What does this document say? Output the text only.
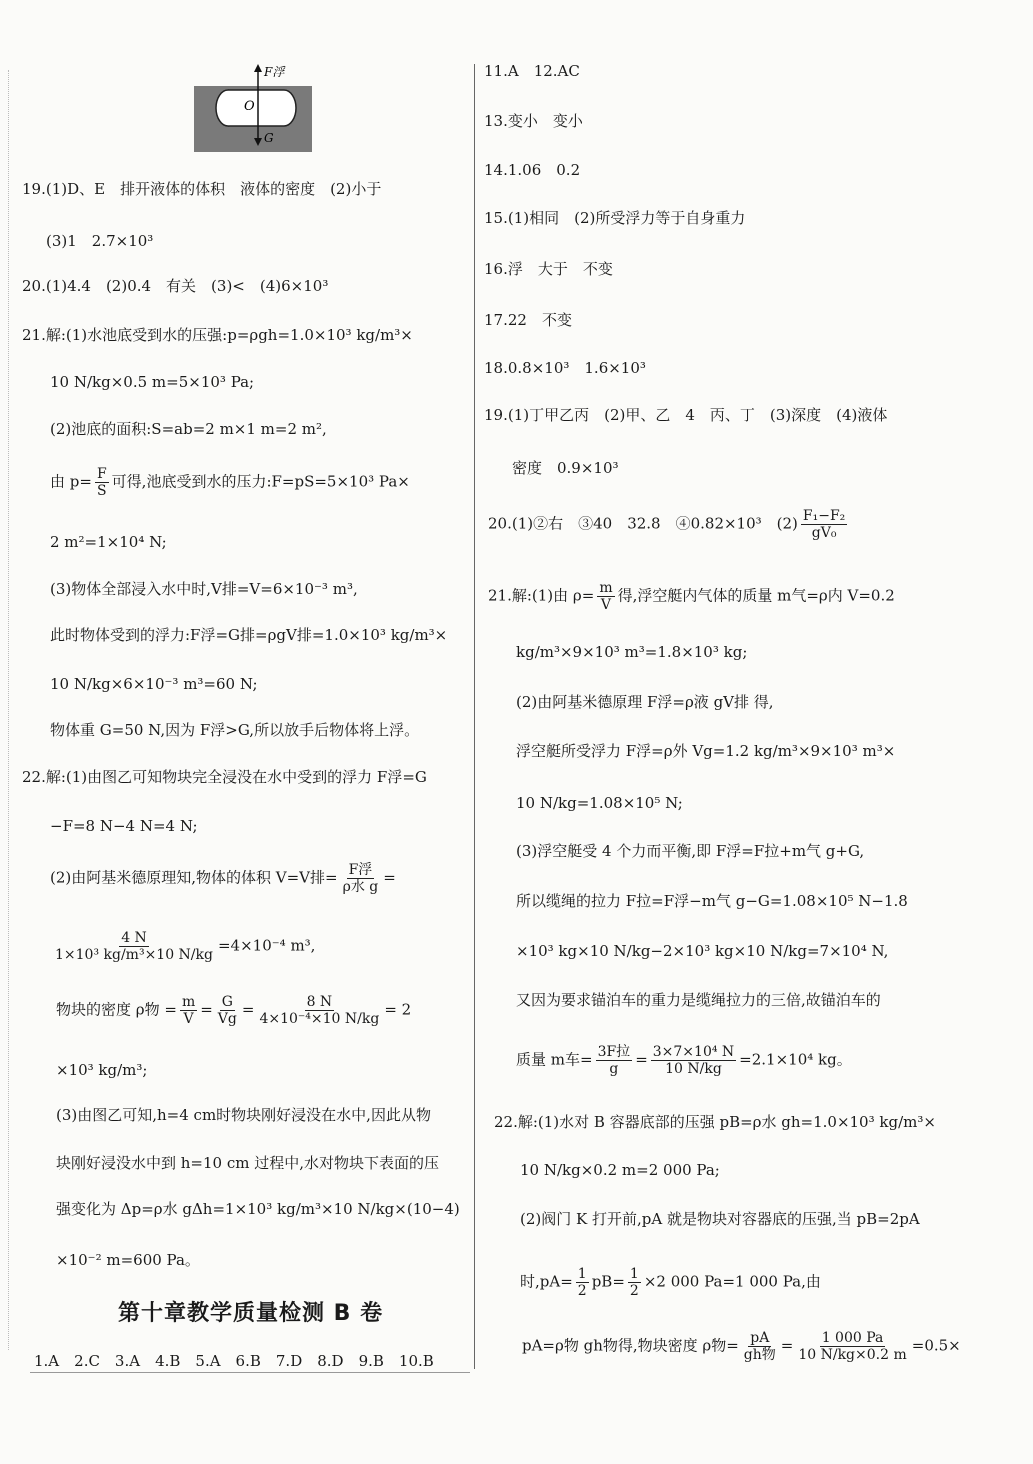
O
F浮
G
19.(1)D、E　排开液体的体积　液体的密度　(2)小于
(3)1　2.7×10³
20.(1)4.4　(2)0.4　有关　(3)<　(4)6×10³
21.解:(1)水池底受到水的压强:p=ρgh=1.0×10³ kg/m³×
10 N/kg×0.5 m=5×10³ Pa;
(2)池底的面积:S=ab=2 m×1 m=2 m²,
由 $p= \frac{F}{S}$ 可得,池底受到水的压力:F=pS=5×10³ Pa×
2 m²=1×10⁴ N;
(3)物体全部浸入水中时,V排=V=6×10⁻³ m³,
此时物体受到的浮力:F浮=G排=ρgV排=1.0×10³ kg/m³×
10 N/kg×6×10⁻³ m³=60 N;
物体重 G=50 N,因为 F浮>G,所以放手后物体将上浮。
22.解:(1)由图乙可知物块完全浸没在水中受到的浮力 F浮=G
−F=8 N−4 N=4 N;
(2)由阿基米德原理知,物体的体积 V=V排= $\frac{\text{F浮}}{\text{ρ水 g}}$ =
$\frac{4 N}{\text{1×10³ kg/m³×10 N/kg}} =4\times 10^{-4}$ m³,
物块的密度 ρ物 = $\frac{m}{V} = \frac{G}{Vg} = \frac{8 N}{\text{4×10⁻⁴×10 N/kg}} = 2$
×10³ kg/m³;
(3)由图乙可知,h=4 cm时物块刚好浸没在水中,因此从物
块刚好浸没水中到 h=10 cm 过程中,水对物块下表面的压
强变化为 Δp=ρ水 gΔh=1×10³ kg/m³×10 N/kg×(10−4)
×10⁻² m=600 Pa。
第十章教学质量检测 B 卷
1.A　2.C　3.A　4.B　5.A　6.B　7.D　8.D　9.B　10.B
11.A　12.AC
13.变小　变小
14.1.06　0.2
15.(1)相同　(2)所受浮力等于自身重力
16.浮　大于　不变
17.22　不变
18.0.8×10³　1.6×10³
19.(1)丁甲乙丙　(2)甲、乙　4　丙、丁　(3)深度　(4)液体
密度　0.9×10³
20.(1)②右　③40　32.8　④0.82×10³　$(2) \frac{\text{F₁−F₂}}{\text{gV₀}}$
21.解:(1)由 $\rho= \frac{m}{V}$ 得,浮空艇内气体的质量 m气=ρ内 V=0.2
kg/m³×9×10³ m³=1.8×10³ kg;
(2)由阿基米德原理 F浮=ρ液 gV排 得,
浮空艇所受浮力 F浮=ρ外 Vg=1.2 kg/m³×9×10³ m³×
10 N/kg=1.08×10⁵ N;
(3)浮空艇受 4 个力而平衡,即 F浮=F拉+m气 g+G,
所以缆绳的拉力 F拉=F浮−m气 g−G=1.08×10⁵ N−1.8
×10³ kg×10 N/kg−2×10³ kg×10 N/kg=7×10⁴ N,
又因为要求锚泊车的重力是缆绳拉力的三倍,故锚泊车的
质量 m车= $\frac{\text{3F拉}}{g} = \frac{\text{3×7×10⁴ N}}{10 N/kg} =2.1\times 10^4$ kg。
22.解:(1)水对 B 容器底部的压强 pB=ρ水 gh=1.0×10³ kg/m³×
10 N/kg×0.2 m=2 000 Pa;
(2)阀门 K 打开前,pA 就是物块对容器底的压强,当 pB=2pA
时$,pA= \frac{1}{2} pB= \frac{1}{2} \times 2$ 000 Pa=1 000 Pa,由
pA=ρ物 gh物得,物块密度 ρ物= $\frac{pA}{\text{gh物}} = \frac{1 000 Pa}{10 N/kg\times 0.2 m} =0.5\times$
